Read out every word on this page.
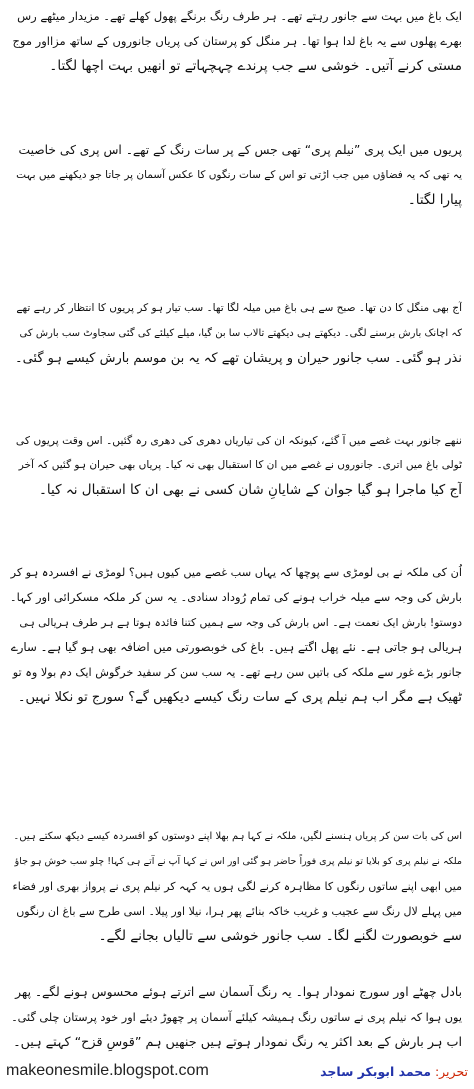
ایک باغ میں بہت سے جانور رہتے تھے۔ ہر طرف رنگ برنگے پھول کھلے تھے۔ مزیدار میٹھے رس
بھرے پھلوں سے یہ باغ لدا ہوا تھا۔ ہر منگل کو پرستان کی پریاں جانوروں کے ساتھ مزااور موج
مستی کرنے آتیں۔ خوشی سے جب پرندے چہچہاتے تو انھیں بہت اچھا لگتا۔
پریوں میں ایک پری ”نیلم پری“ تھی جس کے پر سات رنگ کے تھے۔ اس پری کی خاصیت
یہ تھی کہ یہ فضاؤں میں جب اڑتی تو اس کے سات رنگوں کا عکس آسمان پر جاتا جو دیکھنے میں بہت
پیارا لگتا۔
آج بھی منگل کا دن تھا۔ صبح سے ہی باغ میں میلہ لگا تھا۔ سب تیار ہو کر پریوں کا انتظار کر رہے تھے
کہ اچانک بارش برسنے لگی۔ دیکھتے ہی دیکھتے تالاب سا بن گیا، میلے کیلئے کی گئی سجاوٹ سب بارش کی
نذر ہو گئی۔ سب جانور حیران و پریشان تھے کہ یہ بن موسم بارش کیسے ہو گئی۔
ننھے جانور بہت غصے میں آ گئے، کیونکہ ان کی تیاریاں دھری کی دھری رہ گئیں۔ اس وقت پریوں کی
ٹولی باغ میں اتری۔ جانوروں نے غصے میں ان کا استقبال بھی نہ کیا۔ پریاں بھی حیران ہو گئیں کہ آخر
آج کیا ماجرا ہو گیا جوان کے شایانِ شان کسی نے بھی ان کا استقبال نہ کیا۔
اُن کی ملکہ نے بی لومڑی سے پوچھا کہ یہاں سب غصے میں کیوں ہیں؟ لومڑی نے افسردہ ہو کر
بارش کی وجہ سے میلہ خراب ہونے کی تمام رُوداد سنادی۔ یہ سن کر ملکہ مسکرائی اور کہا۔
دوستو! بارش ایک نعمت ہے۔ اس بارش کی وجہ سے ہمیں کتنا فائدہ ہوتا ہے ہر طرف ہریالی ہی
ہریالی ہو جاتی ہے۔ نئے پھل اگتے ہیں۔ باغ کی خوبصورتی میں اضافہ بھی ہو گیا ہے۔ سارے
جانور بڑے غور سے ملکہ کی باتیں سن رہے تھے۔ یہ سب سن کر سفید خرگوش ایک دم بولا وہ تو
ٹھیک ہے مگر اب ہم نیلم پری کے سات رنگ کیسے دیکھیں گے؟ سورج تو نکلا نہیں۔
اس کی بات سن کر پریاں ہنسنے لگیں، ملکہ نے کہا ہم بھلا اپنے دوستوں کو افسردہ کیسے دیکھ سکتے ہیں۔
ملکہ نے نیلم پری کو بلایا تو نیلم پری فوراً حاضر ہو گئی اور اس نے کہا آپ نے آتے ہی کہا! چلو سب خوش ہو جاؤ
میں ابھی اپنے ساتوں رنگوں کا مظاہرہ کرنے لگی ہوں یہ کہہ کر نیلم پری نے پرواز بھری اور فضاء
میں پہلے لال رنگ سے عجیب و غریب خاکہ بنائے پھر ہرا، نیلا اور پیلا۔ اسی طرح سے باغ ان رنگوں
سے خوبصورت لگنے لگا۔ سب جانور خوشی سے تالیاں بجانے لگے۔
بادل چھٹے اور سورج نمودار ہوا۔ یہ رنگ آسمان سے اترتے ہوئے محسوس ہونے لگے۔ پھر
یوں ہوا کہ نیلم پری نے ساتوں رنگ ہمیشہ کیلئے آسمان پر چھوڑ دیئے اور خود پرستان چلی گئی۔
اب ہر بارش کے بعد اکثر یہ رنگ نمودار ہوتے ہیں جنھیں ہم ”قوسِ قزح“ کہتے ہیں۔
makeonesmile.blogspot.com	تحریر: محمد ابوبکر ساجد
